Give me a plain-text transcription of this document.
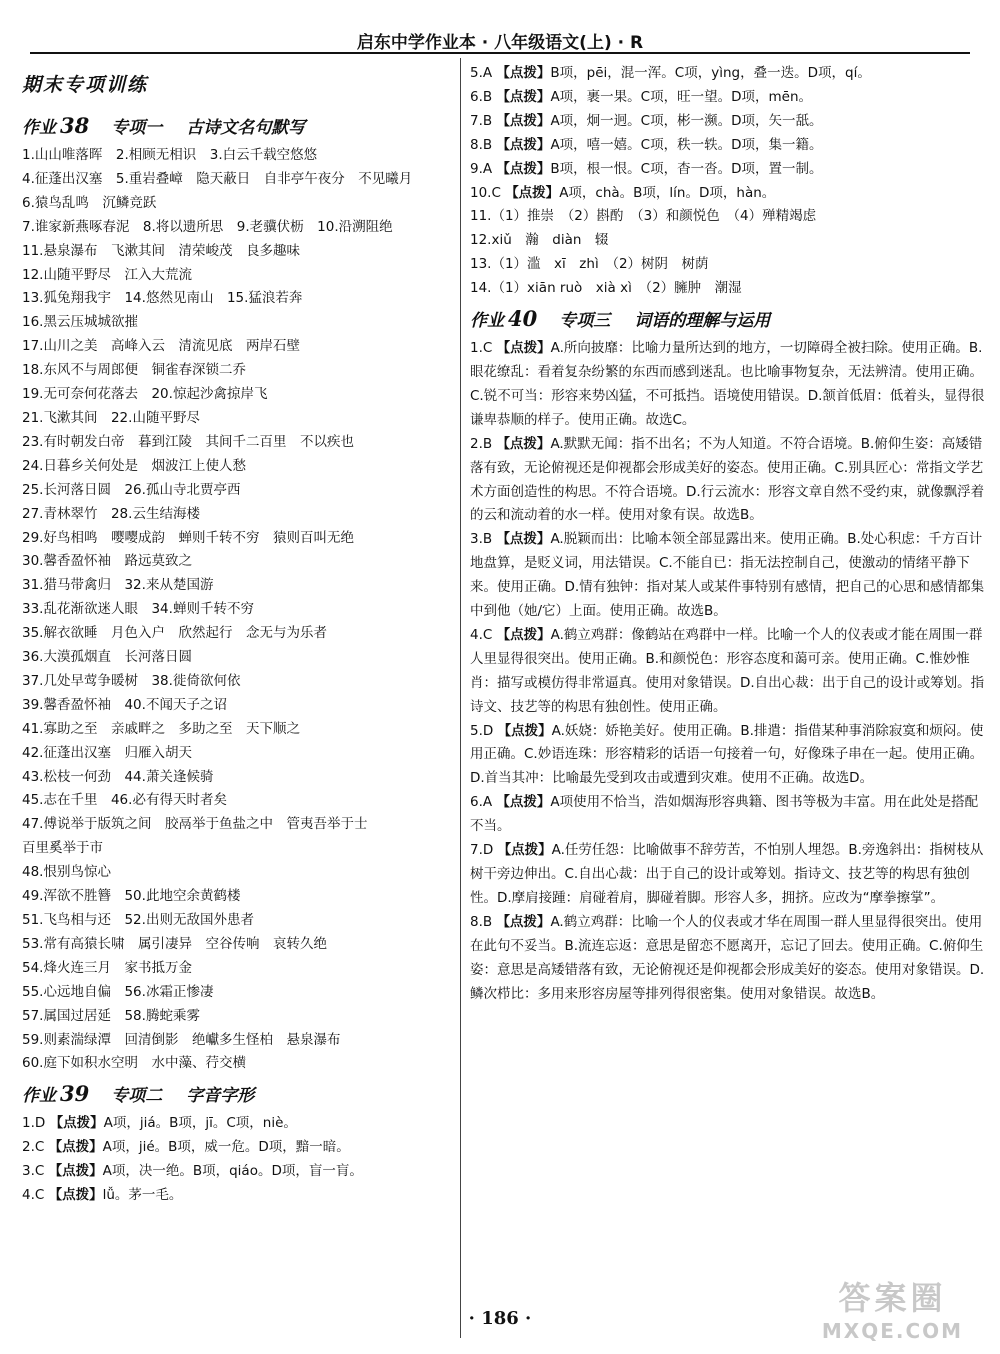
启东中学作业本 · 八年级语文(上) · R
期末专项训练
作业 38 专项一 古诗文名句默写
1.山山唯落晖　2.相顾无相识　3.白云千载空悠悠
4.征蓬出汉塞　5.重岩叠嶂　隐天蔽日　自非亭午夜分　不见曦月
6.猿鸟乱鸣　沉鳞竞跃
7.谁家新燕啄春泥　8.将以遗所思　9.老骥伏枥　10.沿溯阻绝
11.悬泉瀑布　飞漱其间　清荣峻茂　良多趣味
12.山随平野尽　江入大荒流
13.狐兔翔我宇　14.悠然见南山　15.猛浪若奔
16.黑云压城城欲摧
17.山川之美　高峰入云　清流见底　两岸石壁
18.东风不与周郎便　铜雀春深锁二乔
19.无可奈何花落去　20.惊起沙禽掠岸飞
21.飞漱其间　22.山随平野尽
23.有时朝发白帝　暮到江陵　其间千二百里　不以疾也
24.日暮乡关何处是　烟波江上使人愁
25.长河落日圆　26.孤山寺北贾亭西
27.青林翠竹　28.云生结海楼
29.好鸟相鸣　嘤嘤成韵　蝉则千转不穷　猿则百叫无绝
30.馨香盈怀袖　路远莫致之
31.猎马带禽归　32.来从楚国游
33.乱花渐欲迷人眼　34.蝉则千转不穷
35.解衣欲睡　月色入户　欣然起行　念无与为乐者
36.大漠孤烟直　长河落日圆
37.几处早莺争暖树　38.徙倚欲何依
39.馨香盈怀袖　40.不闻天子之诏
41.寡助之至　亲戚畔之　多助之至　天下顺之
42.征蓬出汉塞　归雁入胡天
43.松枝一何劲　44.萧关逢候骑
45.志在千里　46.必有得天时者矣
47.傅说举于版筑之间　胶鬲举于鱼盐之中　管夷吾举于士
百里奚举于市
48.恨别鸟惊心
49.浑欲不胜簪　50.此地空余黄鹤楼
51.飞鸟相与还　52.出则无敌国外患者
53.常有高猿长啸　属引凄异　空谷传响　哀转久绝
54.烽火连三月　家书抵万金
55.心远地自偏　56.冰霜正惨凄
57.属国过居延　58.腾蛇乘雾
59.则素湍绿潭　回清倒影　绝巘多生怪柏　悬泉瀑布
60.庭下如积水空明　水中藻、荇交横
作业 39 专项二 字音字形
1.D 【点拨】A项，jiá。B项，jī。C项，niè。
2.C 【点拨】A项，jié。B项，威一危。D项，黯一暗。
3.C 【点拨】A项，决一绝。B项，qiáo。D项，盲一肓。
4.C 【点拨】lǚ。茅一毛。
5.A 【点拨】B项，pēi，混一浑。C项，yìng，叠一迭。D项，qí。
6.B 【点拨】A项，裹一果。C项，旺一望。D项，mēn。
7.B 【点拨】A项，炯一迥。C项，彬一濒。D项，矢一舐。
8.B 【点拨】A项，嘻一嬉。C项，秩一轶。D项，集一籍。
9.A 【点拨】B项，根一恨。C项，杳一沓。D项，置一制。
10.C 【点拨】A项，chà。B项，lín。D项，hàn。
11.（1）推崇　（2）斟酌　（3）和颜悦色　（4）殚精竭虑
12.xiǔ　瀚　diàn　辍
13.（1）滥　xī　zhì　（2）树阴　树荫
14.（1）xiān ruò　xià xì　（2）臃肿　潮湿
作业 40 专项三 词语的理解与运用
1.C 【点拨】A.所向披靡：比喻力量所达到的地方，一切障碍全被扫除。使用正确。B.眼花缭乱：看着复杂纷繁的东西而感到迷乱。也比喻事物复杂，无法辨清。使用正确。C.锐不可当：形容来势凶猛，不可抵挡。语境使用错误。D.颔首低眉：低着头，显得很谦卑恭顺的样子。使用正确。故选C。
2.B 【点拨】A.默默无闻：指不出名；不为人知道。不符合语境。B.俯仰生姿：高矮错落有致，无论俯视还是仰视都会形成美好的姿态。使用正确。C.别具匠心：常指文学艺术方面创造性的构思。不符合语境。D.行云流水：形容文章自然不受约束，就像飘浮着的云和流动着的水一样。使用对象有误。故选B。
3.B 【点拨】A.脱颖而出：比喻本领全部显露出来。使用正确。B.处心积虑：千方百计地盘算，是贬义词，用法错误。C.不能自已：指无法控制自己，使激动的情绪平静下来。使用正确。D.情有独钟：指对某人或某件事特别有感情，把自己的心思和感情都集中到他（她/它）上面。使用正确。故选B。
4.C 【点拨】A.鹤立鸡群：像鹤站在鸡群中一样。比喻一个人的仪表或才能在周围一群人里显得很突出。使用正确。B.和颜悦色：形容态度和蔼可亲。使用正确。C.惟妙惟肖：描写或模仿得非常逼真。使用对象错误。D.自出心裁：出于自己的设计或筹划。指诗文、技艺等的构思有独创性。使用正确。
5.D 【点拨】A.妖娆：娇艳美好。使用正确。B.排遣：指借某种事消除寂寞和烦闷。使用正确。C.妙语连珠：形容精彩的话语一句接着一句，好像珠子串在一起。使用正确。D.首当其冲：比喻最先受到攻击或遭到灾难。使用不正确。故选D。
6.A 【点拨】A项使用不恰当，浩如烟海形容典籍、图书等极为丰富。用在此处是搭配不当。
7.D 【点拨】A.任劳任怨：比喻做事不辞劳苦，不怕别人埋怨。B.旁逸斜出：指树枝从树干旁边伸出。C.自出心裁：出于自己的设计或筹划。指诗文、技艺等的构思有独创性。D.摩肩接踵：肩碰着肩，脚碰着脚。形容人多，拥挤。应改为“摩拳擦掌”。
8.B 【点拨】A.鹤立鸡群：比喻一个人的仪表或才华在周围一群人里显得很突出。使用在此句不妥当。B.流连忘返：意思是留恋不愿离开，忘记了回去。使用正确。C.俯仰生姿：意思是高矮错落有致，无论俯视还是仰视都会形成美好的姿态。使用对象错误。D.鳞次栉比：多用来形容房屋等排列得很密集。使用对象错误。故选B。
· 186 ·
答案圈
MXQE.COM
